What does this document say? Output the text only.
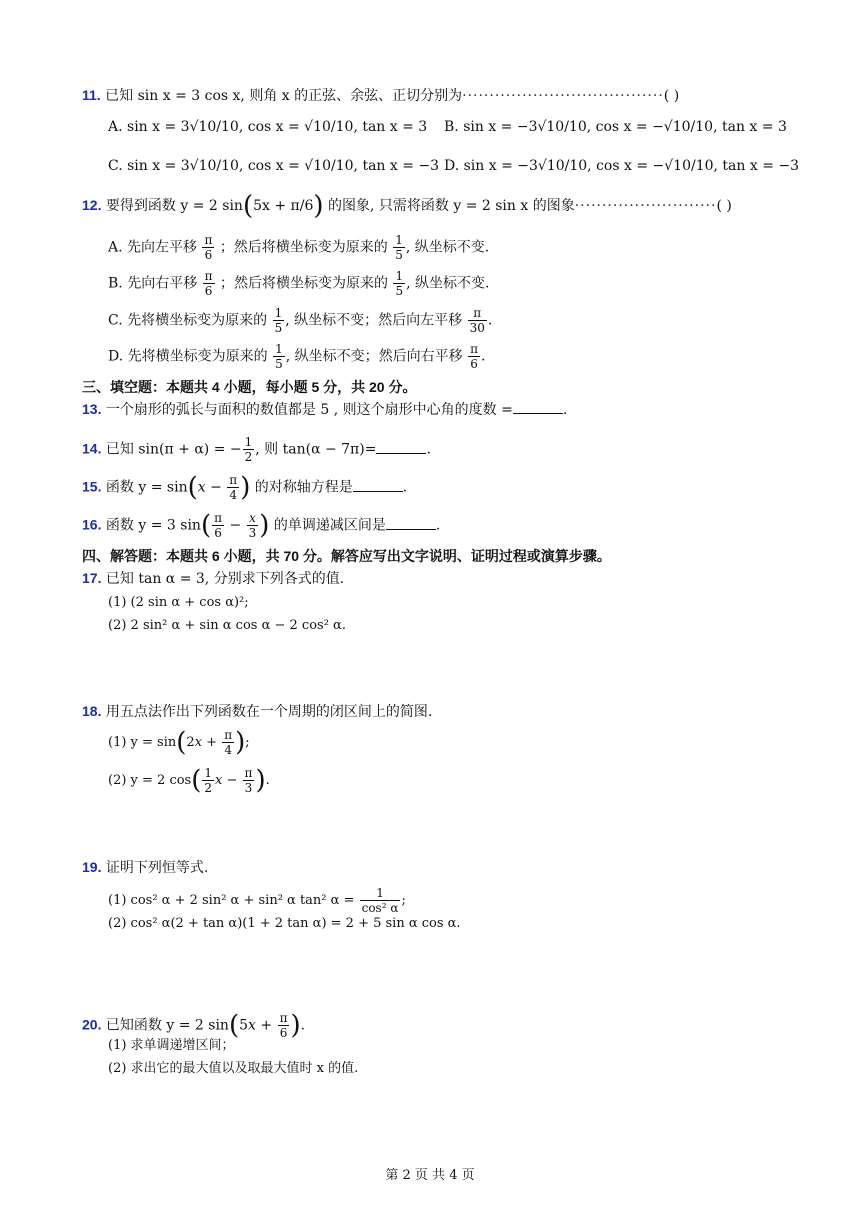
11. 已知 sin x = 3 cos x, 则角 x 的正弦、余弦、正切分别为·····································( )
A. sin x = 3√10/10, cos x = √10/10, tan x = 3 B. sin x = −3√10/10, cos x = −√10/10, tan x = 3
C. sin x = 3√10/10, cos x = √10/10, tan x = −3 D. sin x = −3√10/10, cos x = −√10/10, tan x = −3
12. 要得到函数 y = 2 sin(5x + π/6) 的图象, 只需将函数 y = 2 sin x 的图象··························( )
A. 先向左平移 $\frac{\pi}{6}$ ；然后将横坐标变为原来的 $\frac{1}{5}$ , 纵坐标不变.
B. 先向右平移 $\frac{\pi}{6}$ ；然后将横坐标变为原来的 $\frac{1}{5}$ , 纵坐标不变.
C. 先将横坐标变为原来的 $\frac{1}{5}$ , 纵坐标不变；然后向左平移 $\frac{\pi}{30}$ .
D. 先将横坐标变为原来的 $\frac{1}{5}$ , 纵坐标不变；然后向右平移 $\frac{\pi}{6}$ .
三、填空题：本题共 4 小题，每小题 5 分，共 20 分。
13. 一个扇形的弧长与面积的数值都是 5 , 则这个扇形中心角的度数 =	.
14. 已知 sin(π + α) = − $\frac{1}{2}$ , 则 tan(α − 7π)=	.
15. 函数 $y = \sin(x - \frac{\pi}{4}$ ) 的对称轴方程是	.
16. 函数 y = 3 $\sin( \frac{\pi}{6} - \frac{x}{3}$ ) 的单调递减区间是	.
四、解答题：本题共 6 小题，共 70 分。解答应写出文字说明、证明过程或演算步骤。
17. 已知 tan α = 3, 分别求下列各式的值.
(1) (2 sin α + cos α)²;
(2) 2 sin² α + sin α cos α − 2 cos² α.
18. 用五点法作出下列函数在一个周期的闭区间上的简图.
(1) $y = \sin(2x + \frac{\pi}{4}$ );
(2) y = 2 $\cos( \frac{1}{2}$ $x - \frac{\pi}{3}$ ).
19. 证明下列恒等式.
(1) cos² α + 2 sin² α + sin² α tan² $\alpha = \frac{1}{\text{cos² α}}$ ;
(2) cos² α(2 + tan α)(1 + 2 tan α) = 2 + 5 sin α cos α.
20. 已知函数 y = 2 $\sin(5x + \frac{\pi}{6}$ ).
(1) 求单调递增区间；
(2) 求出它的最大值以及取最大值时 x 的值.
第 2 页 共 4 页
